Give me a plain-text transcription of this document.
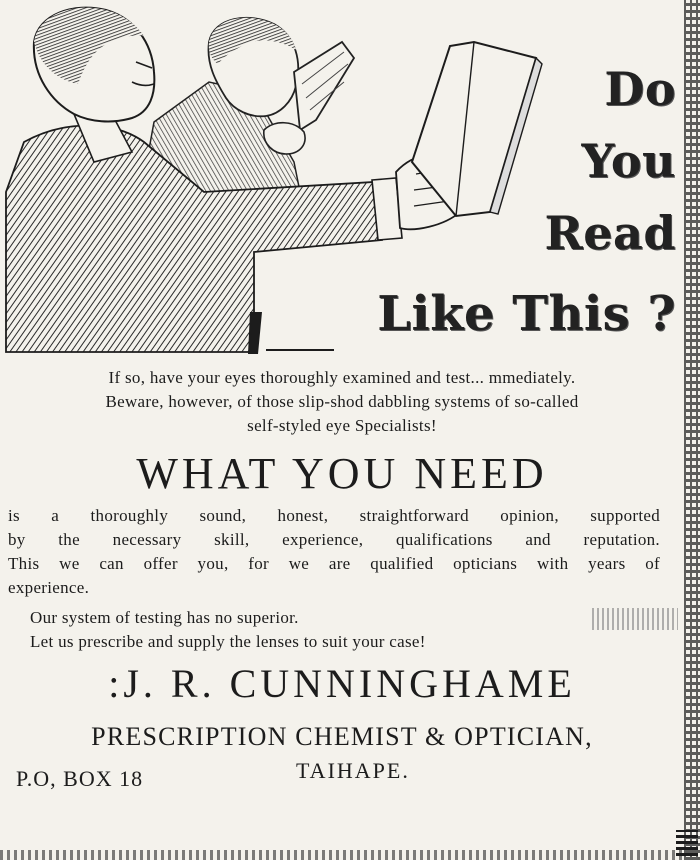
Do
You
Read
Like This ?
If so, have your eyes thoroughly examined and test... mmediately.
Beware, however, of those slip-shod dabbling systems of so-called
self-styled eye Specialists!
WHAT YOU NEED
is a thoroughly sound, honest, straightforward opinion, supported
by the necessary skill, experience, qualifications and reputation.
This we can offer you, for we are qualified opticians with years of
experience.
Our system of testing has no superior.
Let us prescribe and supply the lenses to suit your case!
:J. R. CUNNINGHAME
PRESCRIPTION CHEMIST & OPTICIAN,
P.O, BOX 18	TAIHAPE.
